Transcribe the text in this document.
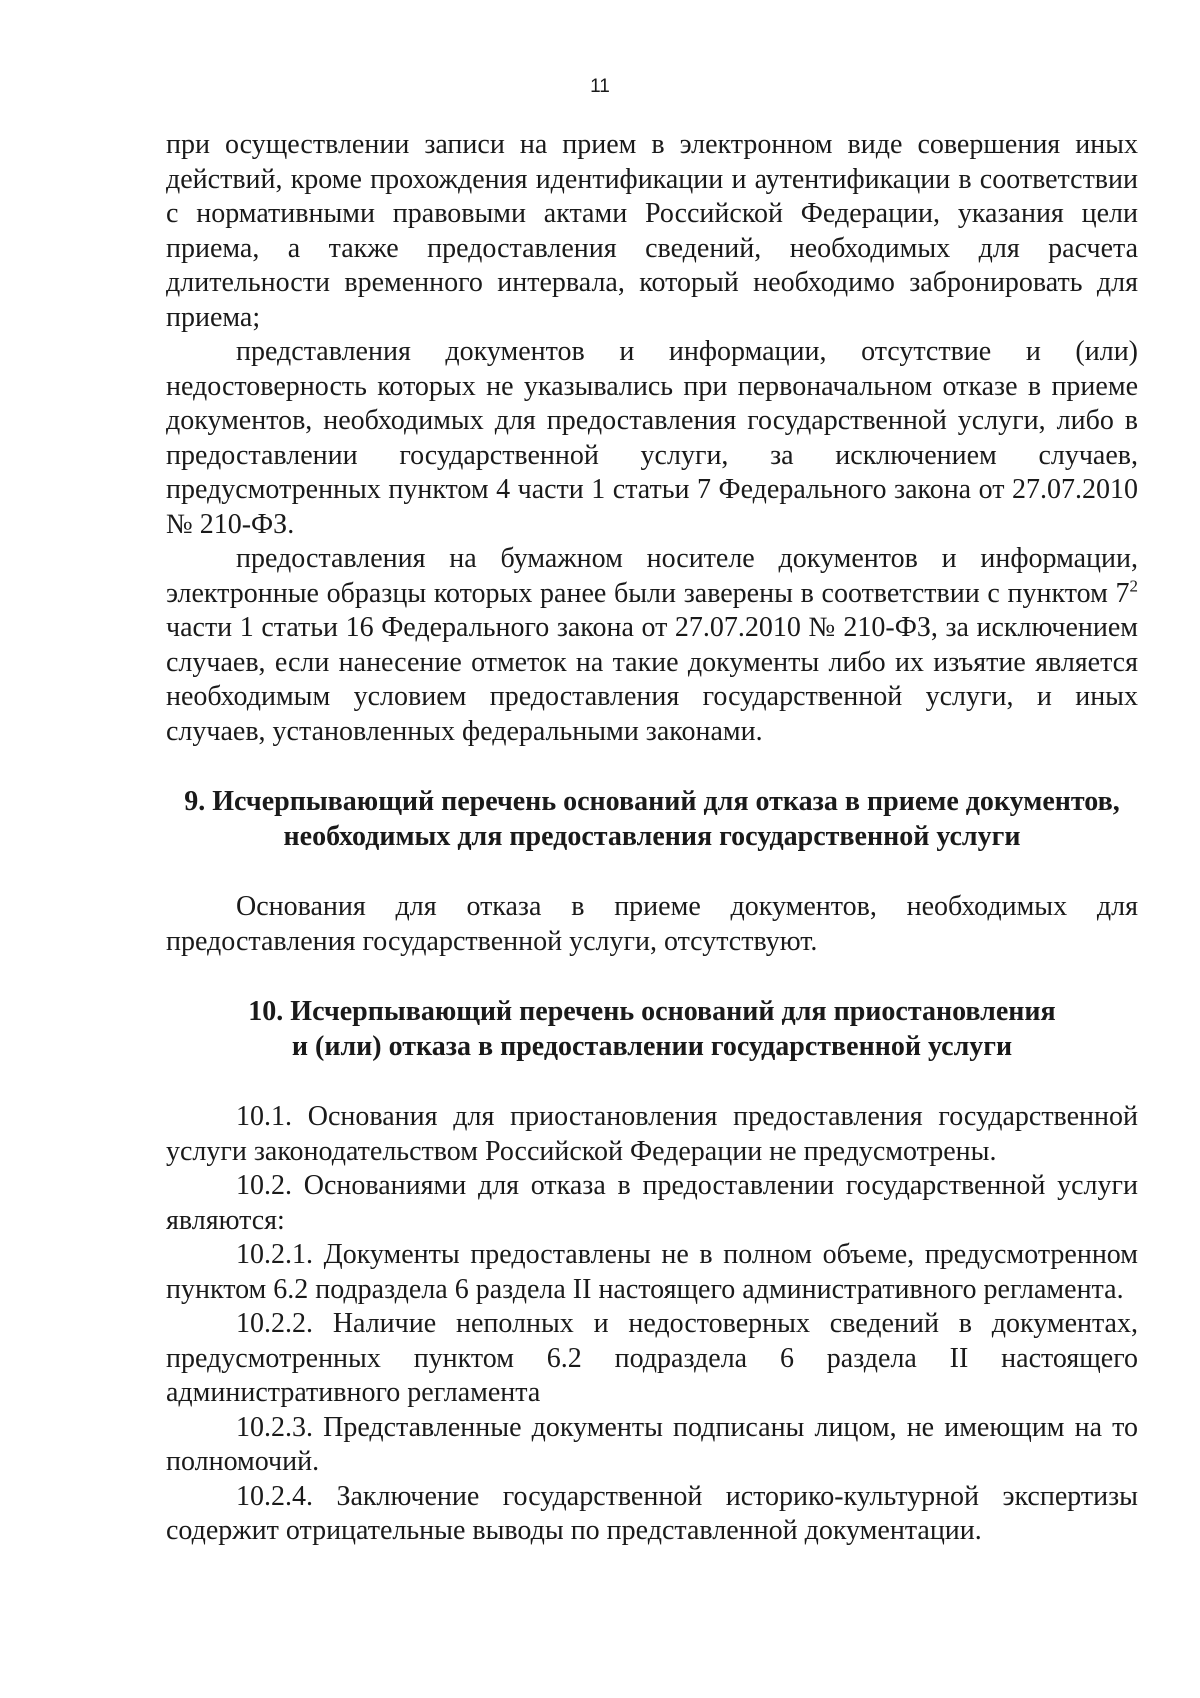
11

при осуществлении записи на прием в электронном виде совершения иных действий, кроме прохождения идентификации и аутентификации в соответствии с нормативными правовыми актами Российской Федерации, указания цели приема, а также предоставления сведений, необходимых для расчета длительности временного интервала, который необходимо забронировать для приема;

представления документов и информации, отсутствие и (или) недостоверность которых не указывались при первоначальном отказе в приеме документов, необходимых для предоставления государственной услуги, либо в предоставлении государственной услуги, за исключением случаев, предусмотренных пунктом 4 части 1 статьи 7 Федерального закона от 27.07.2010 № 210-ФЗ.

предоставления на бумажном носителе документов и информации, электронные образцы которых ранее были заверены в соответствии с пунктом $7^2$ части 1 статьи 16 Федерального закона от 27.07.2010 № 210-ФЗ, за исключением случаев, если нанесение отметок на такие документы либо их изъятие является необходимым условием предоставления государственной услуги, и иных случаев, установленных федеральными законами.

9. Исчерпывающий перечень оснований для отказа в приеме документов,
необходимых для предоставления государственной услуги

Основания для отказа в приеме документов, необходимых для предоставления государственной услуги, отсутствуют.

10. Исчерпывающий перечень оснований для приостановления
и (или) отказа в предоставлении государственной услуги

10.1. Основания для приостановления предоставления государственной услуги законодательством Российской Федерации не предусмотрены.

10.2. Основаниями для отказа в предоставлении государственной услуги являются:

10.2.1. Документы предоставлены не в полном объеме, предусмотренном пунктом 6.2 подраздела 6 раздела II настоящего административного регламента.

10.2.2. Наличие неполных и недостоверных сведений в документах, предусмотренных пунктом 6.2 подраздела 6 раздела II настоящего административного регламента

10.2.3. Представленные документы подписаны лицом, не имеющим на то полномочий.

10.2.4. Заключение государственной историко-культурной экспертизы содержит отрицательные выводы по представленной документации.
